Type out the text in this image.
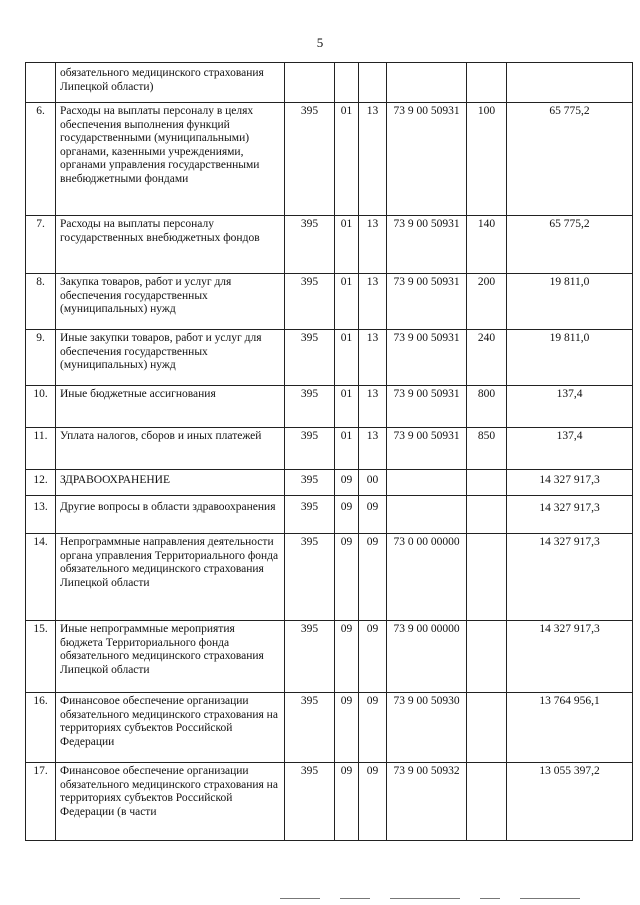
5
	обязательного медицинского страхования Липецкой области)						
6.	Расходы на выплаты персоналу в целях обеспечения выполнения функций государственными (муниципальными) органами, казенными учреждениями, органами управления государственными внебюджетными фондами	395	01	13	73 9 00 50931	100	65 775,2
7.	Расходы на выплаты персоналу государственных внебюджетных фондов	395	01	13	73 9 00 50931	140	65 775,2
8.	Закупка товаров, работ и услуг для обеспечения государственных (муниципальных) нужд	395	01	13	73 9 00 50931	200	19 811,0
9.	Иные закупки товаров, работ и услуг для обеспечения государственных (муниципальных) нужд	395	01	13	73 9 00 50931	240	19 811,0
10.	Иные бюджетные ассигнования	395	01	13	73 9 00 50931	800	137,4
11.	Уплата налогов, сборов и иных платежей	395	01	13	73 9 00 50931	850	137,4
12.	ЗДРАВООХРАНЕНИЕ	395	09	00			14 327 917,3
13.	Другие вопросы в области здравоохранения	395	09	09			14 327 917,3
14.	Непрограммные направления деятельности органа управления Территориального фонда обязательного медицинского страхования Липецкой области	395	09	09	73 0 00 00000		14 327 917,3
15.	Иные непрограммные мероприятия бюджета Территориального фонда обязательного медицинского страхования Липецкой области	395	09	09	73 9 00 00000		14 327 917,3
16.	Финансовое обеспечение организации обязательного медицинского страхования на территориях субъектов Российской Федерации	395	09	09	73 9 00 50930		13 764 956,1
17.	Финансовое обеспечение организации обязательного медицинского страхования на территориях субъектов Российской Федерации (в части	395	09	09	73 9 00 50932		13 055 397,2
